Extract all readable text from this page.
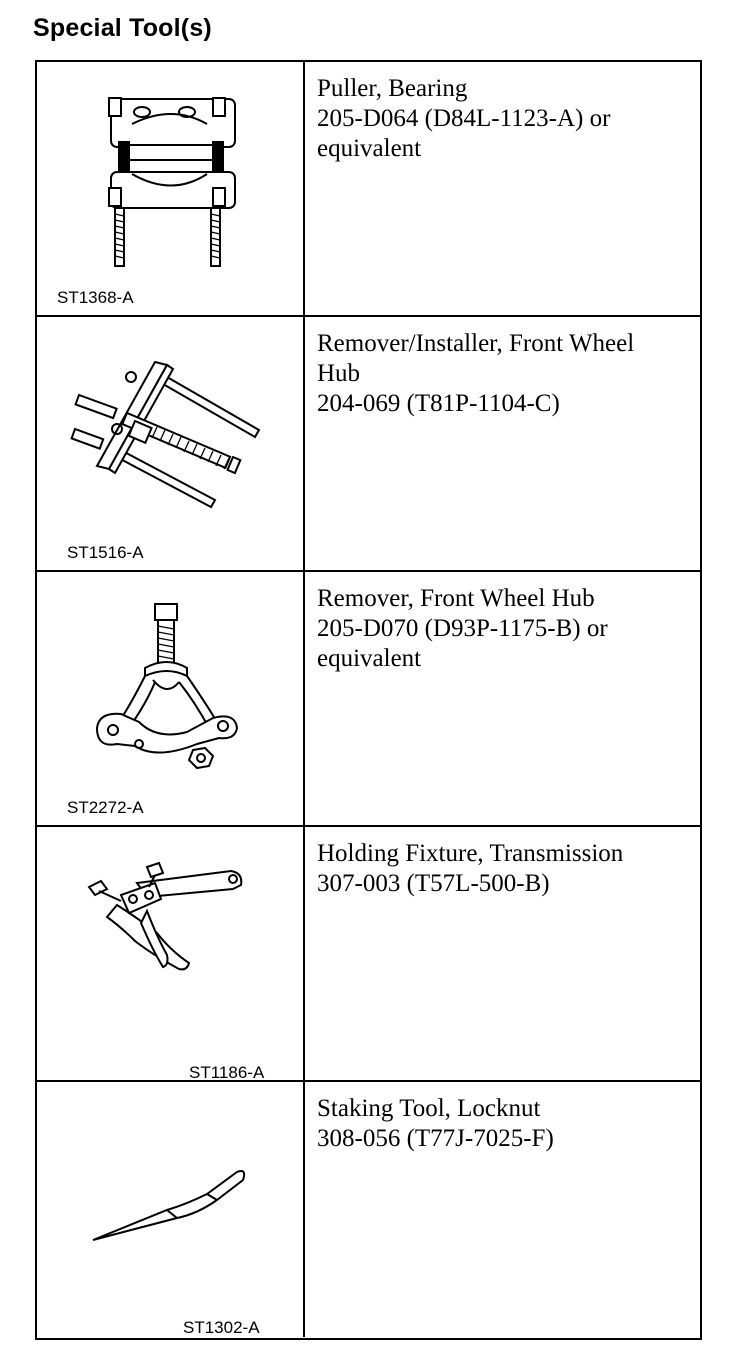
Special Tool(s)
ST1368-A
Puller, Bearing
205-D064 (D84L-1123-A) or
equivalent
ST1516-A
Remover/Installer, Front Wheel
Hub
204-069 (T81P-1104-C)
ST2272-A
Remover, Front Wheel Hub
205-D070 (D93P-1175-B) or
equivalent
ST1186-A
Holding Fixture, Transmission
307-003 (T57L-500-B)
ST1302-A
Staking Tool, Locknut
308-056 (T77J-7025-F)
